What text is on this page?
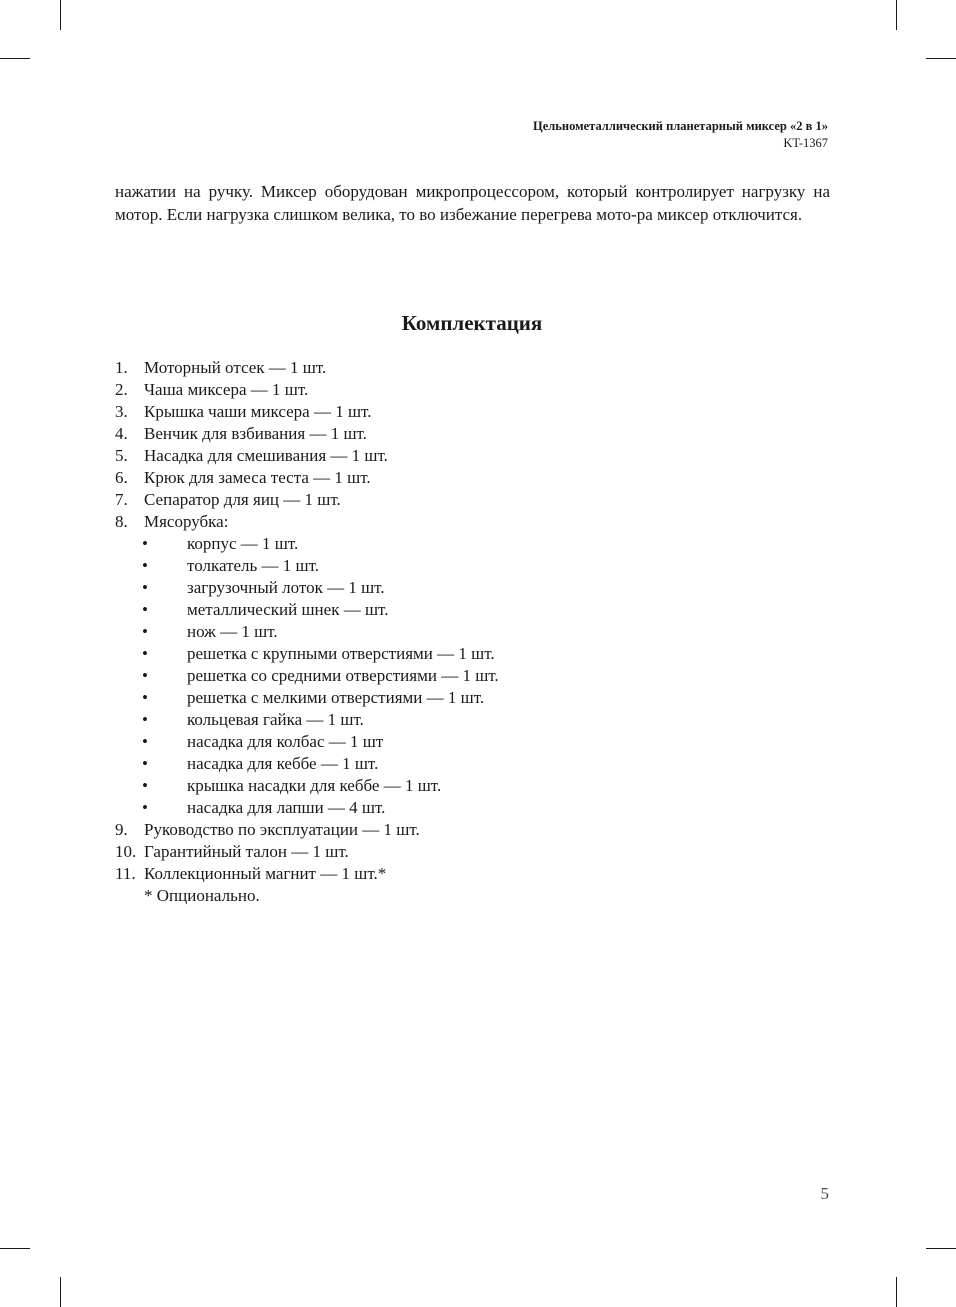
Цельнометаллический планетарный миксер «2 в 1»
KT-1367
нажатии на ручку. Миксер оборудован микропроцессором, который контролирует нагрузку на мотор. Если нагрузка слишком велика, то во избежание перегрева мото-ра миксер отключится.
Комплектация
1. Моторный отсек — 1 шт.
2. Чаша миксера — 1 шт.
3. Крышка чаши миксера — 1 шт.
4. Венчик для взбивания — 1 шт.
5. Насадка для смешивания — 1 шт.
6. Крюк для замеса теста — 1 шт.
7. Сепаратор для яиц — 1 шт.
8. Мясорубка:
• корпус — 1 шт.
• толкатель — 1 шт.
• загрузочный лоток — 1 шт.
• металлический шнек — шт.
• нож — 1 шт.
• решетка с крупными отверстиями — 1 шт.
• решетка со средними отверстиями — 1 шт.
• решетка с мелкими отверстиями — 1 шт.
• кольцевая гайка — 1 шт.
• насадка для колбас — 1 шт
• насадка для кеббе — 1 шт.
• крышка насадки для кеббе — 1 шт.
• насадка для лапши — 4 шт.
9. Руководство по эксплуатации — 1 шт.
10. Гарантийный талон — 1 шт.
11. Коллекционный магнит — 1 шт.*
* Опционально.
5
